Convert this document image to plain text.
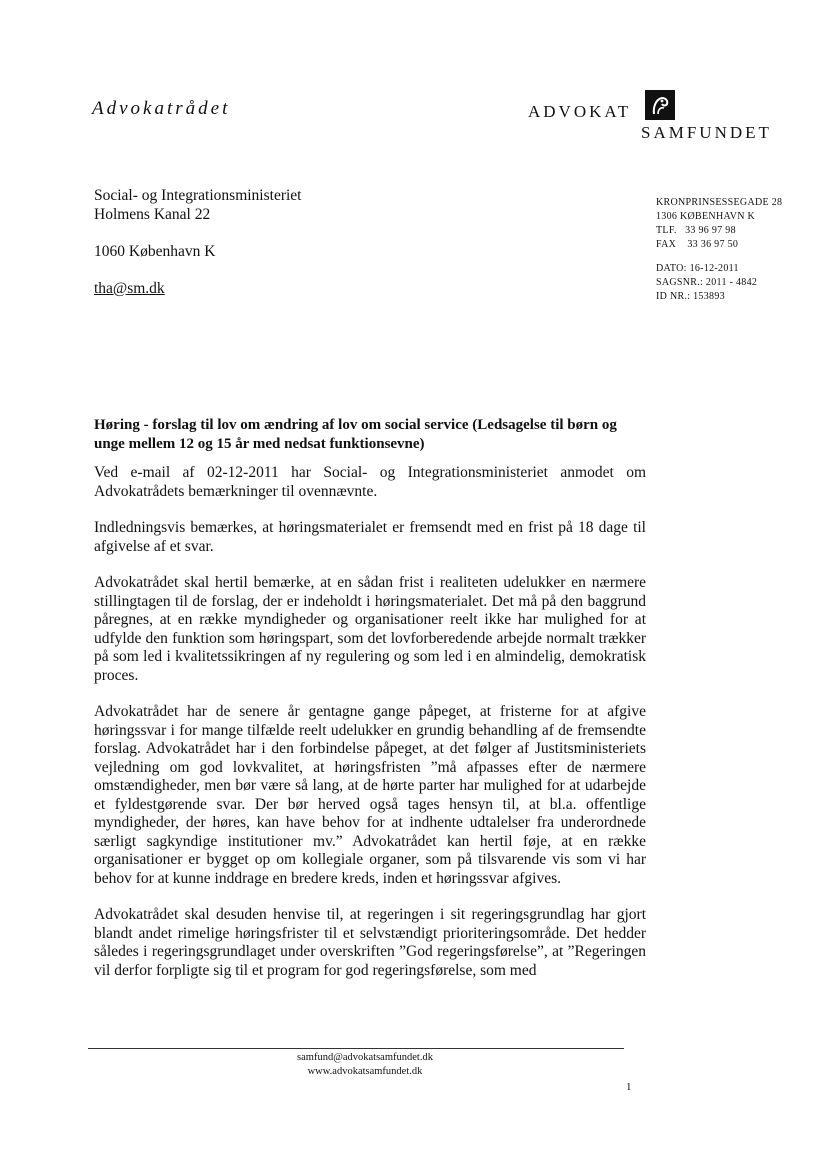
Advokatrådet	ADVOKAT
SAMFUNDET
Social- og Integrationsministeriet
Holmens Kanal 22
1060 København K
tha@sm.dk
KRONPRINSESSEGADE 28
1306 KØBENHAVN K
TLF.   33 96 97 98
FAX    33 36 97 50
DATO: 16-12-2011
SAGSNR.: 2011 - 4842
ID NR.: 153893
Høring - forslag til lov om ændring af lov om social service (Ledsagelse til børn og unge mellem 12 og 15 år med nedsat funktionsevne)

Ved e-mail af 02-12-2011 har Social- og Integrationsministeriet anmodet om Advokatrådets bemærkninger til ovennævnte.

Indledningsvis bemærkes, at høringsmaterialet er fremsendt med en frist på 18 dage til afgivelse af et svar.

Advokatrådet skal hertil bemærke, at en sådan frist i realiteten udelukker en nærmere stillingtagen til de forslag, der er indeholdt i høringsmaterialet. Det må på den baggrund påregnes, at en række myndigheder og organisationer reelt ikke har mulighed for at udfylde den funktion som høringspart, som det lovforberedende arbejde normalt trækker på som led i kvalitetssikringen af ny regulering og som led i en almindelig, demokratisk proces.

Advokatrådet har de senere år gentagne gange påpeget, at fristerne for at afgive høringssvar i for mange tilfælde reelt udelukker en grundig behandling af de fremsendte forslag. Advokatrådet har i den forbindelse påpeget, at det følger af Justitsministeriets vejledning om god lovkvalitet, at høringsfristen ”må afpasses efter de nærmere omstændigheder, men bør være så lang, at de hørte parter har mulighed for at udarbejde et fyldestgørende svar. Der bør herved også tages hensyn til, at bl.a. offentlige myndigheder, der høres, kan have behov for at indhente udtalelser fra underordnede særligt sagkyndige institutioner mv.” Advokatrådet kan hertil føje, at en række organisationer er bygget op om kollegiale organer, som på tilsvarende vis som vi har behov for at kunne inddrage en bredere kreds, inden et høringssvar afgives.

Advokatrådet skal desuden henvise til, at regeringen i sit regeringsgrundlag har gjort blandt andet rimelige høringsfrister til et selvstændigt prioriteringsområde. Det hedder således i regeringsgrundlaget under overskriften ”God regeringsførelse”, at ”Regeringen vil derfor forpligte sig til et program for god regeringsførelse, som med

samfund@advokatsamfundet.dk
www.advokatsamfundet.dk
1
